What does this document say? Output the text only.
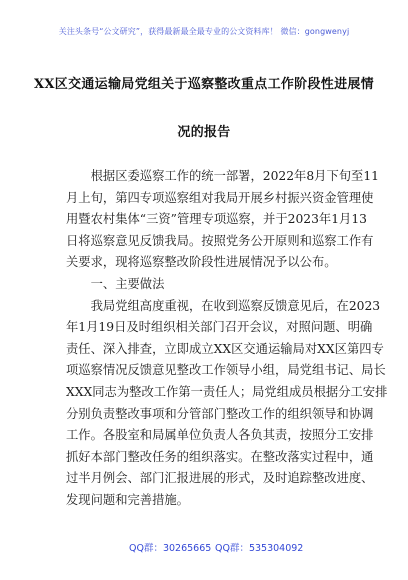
关注头条号“公文研究”，获得最新最全最专业的公文资料库！ 微信：gongwenyj
XX区交通运输局党组关于巡察整改重点工作阶段性进展情
况的报告
根据区委巡察工作的统一部署，2022年8月下旬至11
月上旬，第四专项巡察组对我局开展乡村振兴资金管理使
用暨农村集体“三资”管理专项巡察，并于2023年1月13
日将巡察意见反馈我局。按照党务公开原则和巡察工作有
关要求，现将巡察整改阶段性进展情况予以公布。
一、主要做法
我局党组高度重视，在收到巡察反馈意见后，在2023
年1月19日及时组织相关部门召开会议，对照问题、明确
责任、深入排查，立即成立XX区交通运输局对XX区第四专
项巡察情况反馈意见整改工作领导小组，局党组书记、局长
XXX同志为整改工作第一责任人；局党组成员根据分工安排
分别负责整改事项和分管部门整改工作的组织领导和协调
工作。各股室和局属单位负责人各负其责，按照分工安排
抓好本部门整改任务的组织落实。在整改落实过程中，通
过半月例会、部门汇报进展的形式，及时追踪整改进度、
发现问题和完善措施。
QQ群：30265665 QQ群：535304092
